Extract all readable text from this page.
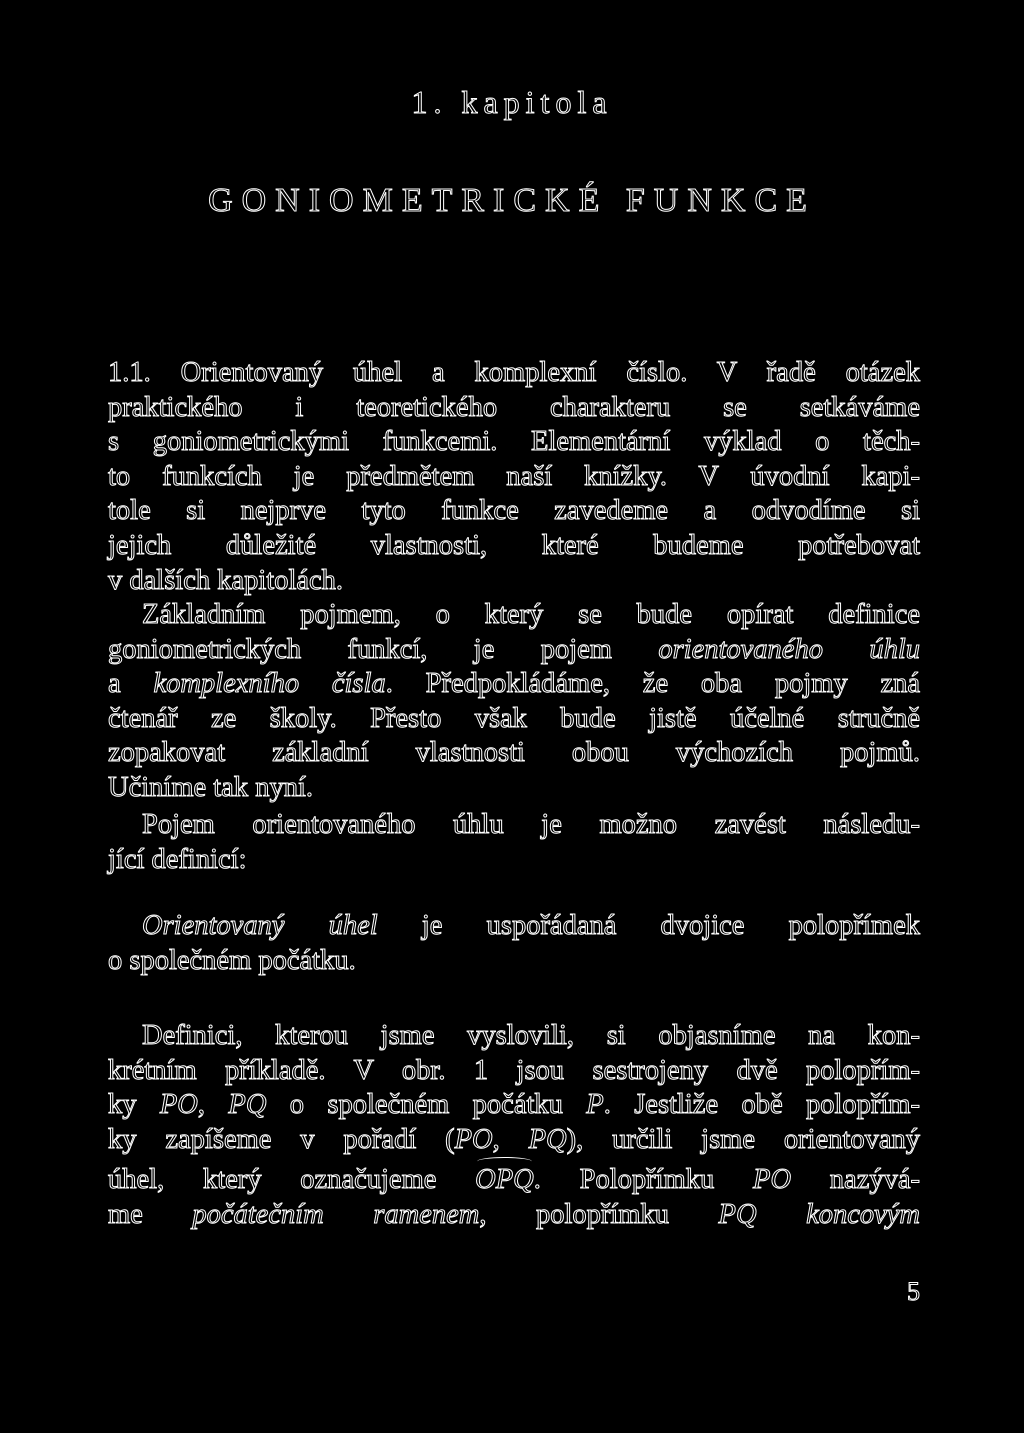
1. kapitola
GONIOMETRICKÉ FUNKCE
1.1. Orientovaný úhel a komplexní číslo. V řadě otázek
praktického i teoretického charakteru se setkáváme
s goniometrickými funkcemi. Elementární výklad o těch-
to funkcích je předmětem naší knížky. V úvodní kapi-
tole si nejprve tyto funkce zavedeme a odvodíme si
jejich důležité vlastnosti, které budeme potřebovat
v dalších kapitolách.
Základním pojmem, o který se bude opírat definice
goniometrických funkcí, je pojem orientovaného úhlu
a komplexního čísla. Předpokládáme, že oba pojmy zná
čtenář ze školy. Přesto však bude jistě účelné stručně
zopakovat základní vlastnosti obou výchozích pojmů.
Učiníme tak nyní.
Pojem orientovaného úhlu je možno zavést následu-
jící definicí:
Orientovaný úhel je uspořádaná dvojice polopřímek
o společném počátku.
Definici, kterou jsme vyslovili, si objasníme na kon-
krétním příkladě. V obr. 1 jsou sestrojeny dvě polopřím-
ky PO, PQ o společném počátku P. Jestliže obě polopřím-
ky zapíšeme v pořadí (PO, PQ), určili jsme orientovaný
úhel, který označujeme OPQ. Polopřímku PO nazývá-
me počátečním ramenem, polopřímku PQ koncovým
5
